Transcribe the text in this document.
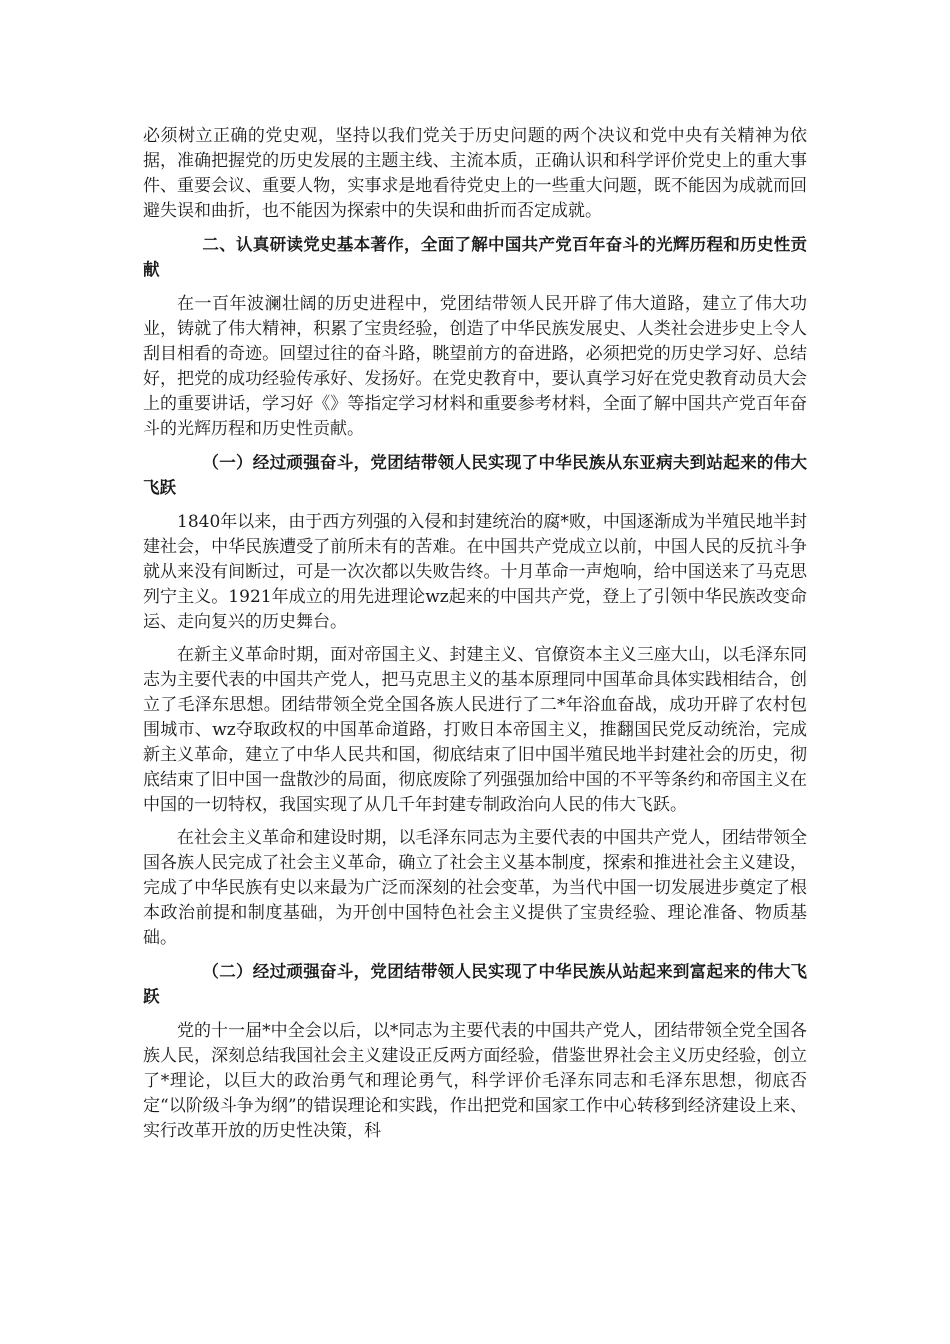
必须树立正确的党史观，坚持以我们党关于历史问题的两个决议和党中央有关精神为依据，准确把握党的历史发展的主题主线、主流本质，正确认识和科学评价党史上的重大事件、重要会议、重要人物，实事求是地看待党史上的一些重大问题，既不能因为成就而回避失误和曲折，也不能因为探索中的失误和曲折而否定成就。

二、认真研读党史基本著作，全面了解中国共产党百年奋斗的光辉历程和历史性贡献

在一百年波澜壮阔的历史进程中，党团结带领人民开辟了伟大道路，建立了伟大功业，铸就了伟大精神，积累了宝贵经验，创造了中华民族发展史、人类社会进步史上令人刮目相看的奇迹。回望过往的奋斗路，眺望前方的奋进路，必须把党的历史学习好、总结好，把党的成功经验传承好、发扬好。在党史教育中，要认真学习好在党史教育动员大会上的重要讲话，学习好《》等指定学习材料和重要参考材料，全面了解中国共产党百年奋斗的光辉历程和历史性贡献。

（一）经过顽强奋斗，党团结带领人民实现了中华民族从东亚病夫到站起来的伟大飞跃

1840年以来，由于西方列强的入侵和封建统治的腐*败，中国逐渐成为半殖民地半封建社会，中华民族遭受了前所未有的苦难。在中国共产党成立以前，中国人民的反抗斗争就从来没有间断过，可是一次次都以失败告终。十月革命一声炮响，给中国送来了马克思列宁主义。1921年成立的用先进理论wz起来的中国共产党，登上了引领中华民族改变命运、走向复兴的历史舞台。

在新主义革命时期，面对帝国主义、封建主义、官僚资本主义三座大山，以毛泽东同志为主要代表的中国共产党人，把马克思主义的基本原理同中国革命具体实践相结合，创立了毛泽东思想。团结带领全党全国各族人民进行了二*年浴血奋战，成功开辟了农村包围城市、wz夺取政权的中国革命道路，打败日本帝国主义，推翻国民党反动统治，完成新主义革命，建立了中华人民共和国，彻底结束了旧中国半殖民地半封建社会的历史，彻底结束了旧中国一盘散沙的局面，彻底废除了列强强加给中国的不平等条约和帝国主义在中国的一切特权，我国实现了从几千年封建专制政治向人民的伟大飞跃。

在社会主义革命和建设时期，以毛泽东同志为主要代表的中国共产党人，团结带领全国各族人民完成了社会主义革命，确立了社会主义基本制度，探索和推进社会主义建设，完成了中华民族有史以来最为广泛而深刻的社会变革，为当代中国一切发展进步奠定了根本政治前提和制度基础，为开创中国特色社会主义提供了宝贵经验、理论准备、物质基础。

（二）经过顽强奋斗，党团结带领人民实现了中华民族从站起来到富起来的伟大飞跃

党的十一届*中全会以后，以*同志为主要代表的中国共产党人，团结带领全党全国各族人民，深刻总结我国社会主义建设正反两方面经验，借鉴世界社会主义历史经验，创立了*理论，以巨大的政治勇气和理论勇气，科学评价毛泽东同志和毛泽东思想，彻底否定“以阶级斗争为纲”的错误理论和实践，作出把党和国家工作中心转移到经济建设上来、实行改革开放的历史性决策，科
